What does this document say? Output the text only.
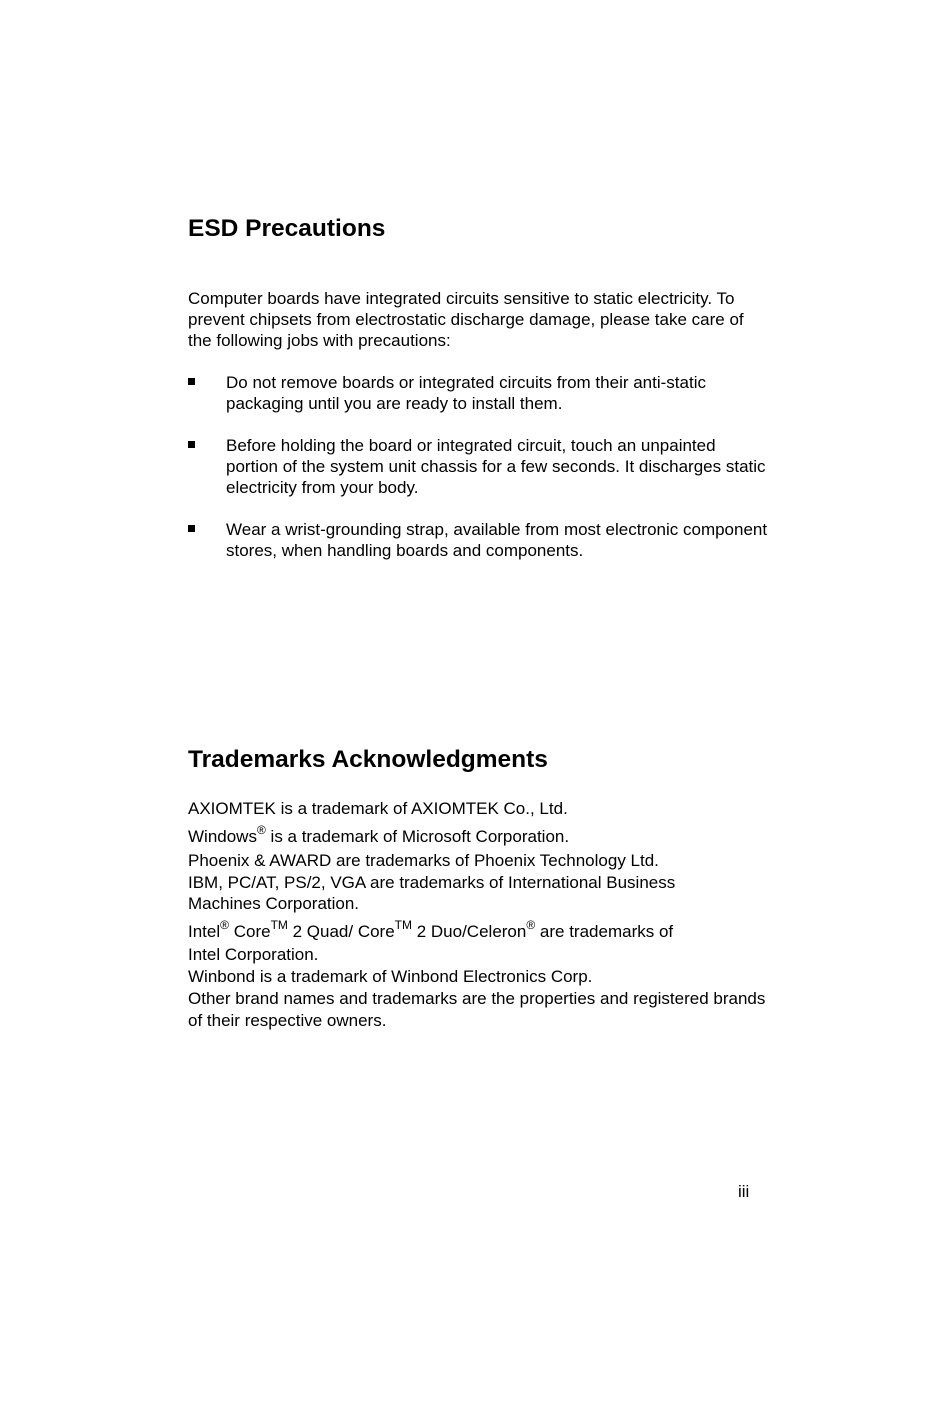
ESD Precautions

Computer boards have integrated circuits sensitive to static electricity. To prevent chipsets from electrostatic discharge damage, please take care of the following jobs with precautions:

Do not remove boards or integrated circuits from their anti-static packaging until you are ready to install them.
Before holding the board or integrated circuit, touch an unpainted portion of the system unit chassis for a few seconds. It discharges static electricity from your body.
Wear a wrist-grounding strap, available from most electronic component stores, when handling boards and components.
Trademarks Acknowledgments
AXIOMTEK is a trademark of AXIOMTEK Co., Ltd.
Windows® is a trademark of Microsoft Corporation.
Phoenix & AWARD are trademarks of Phoenix Technology Ltd.
IBM, PC/AT, PS/2, VGA are trademarks of International Business
Machines Corporation.
Intel® Core™ 2 Quad/ Core™ 2 Duo/Celeron® are trademarks of
Intel Corporation.
Winbond is a trademark of Winbond Electronics Corp.

Other brand names and trademarks are the properties and registered brands of their respective owners.

iii
